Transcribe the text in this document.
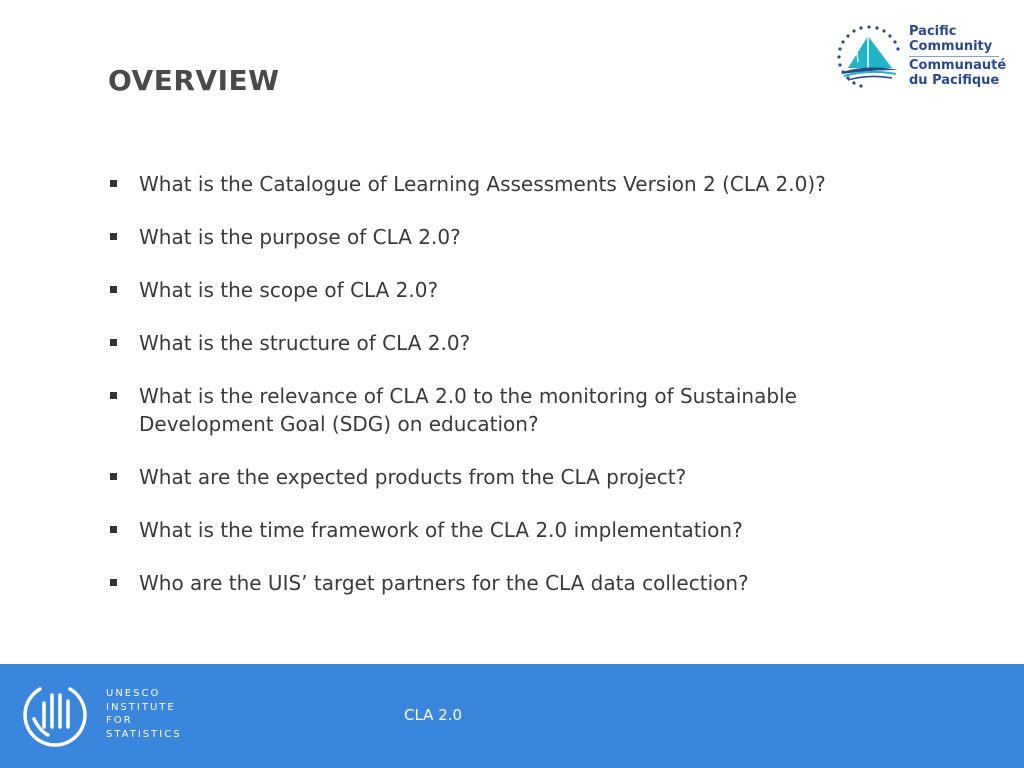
OVERVIEW
Pacific
Community
Communauté
du Pacifique
What is the Catalogue of Learning Assessments Version 2 (CLA 2.0)?
What is the purpose of CLA 2.0?
What is the scope of CLA 2.0?
What is the structure of CLA 2.0?
What is the relevance of CLA 2.0 to the monitoring of Sustainable Development Goal (SDG) on education?
What are the expected products from the CLA project?
What is the time framework of the CLA 2.0 implementation?
Who are the UIS’ target partners for the CLA data collection?
UNESCO
INSTITUTE
FOR
STATISTICS
CLA 2.0
